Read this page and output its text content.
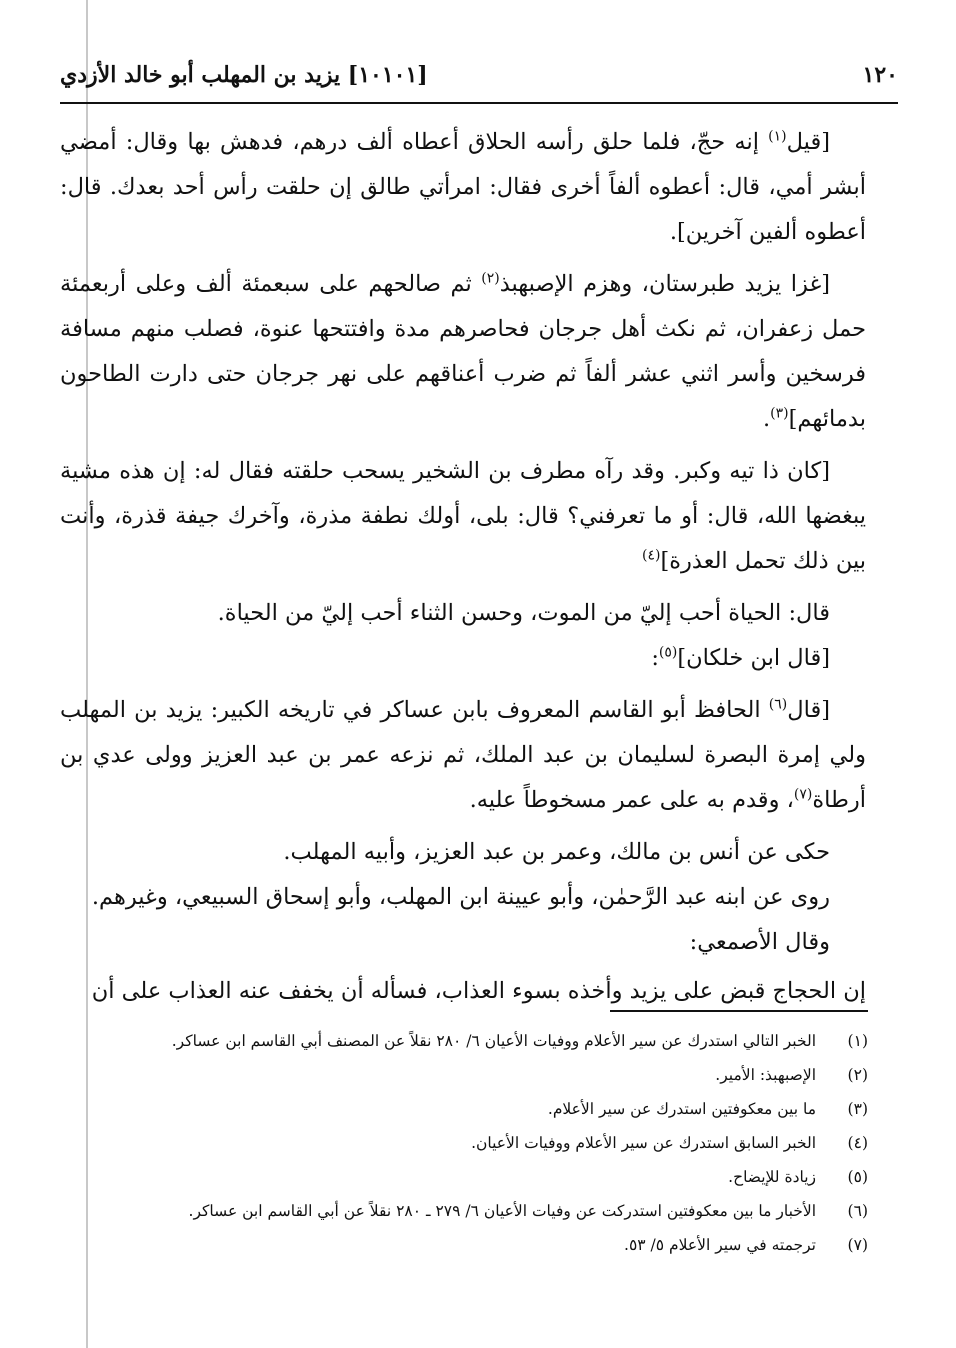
١٢٠
[١٠١٠١] يزيد بن المهلب أبو خالد الأزدي

[قيل$^{(١)}$ إنه حجّ، فلما حلق رأسه الحلاق أعطاه ألف درهم، فدهش بها وقال: أمضي أبشر أمي، قال: أعطوه ألفاً أخرى فقال: امرأتي طالق إن حلقت رأس أحد بعدك. قال: أعطوه ألفين آخرين].

[غزا يزيد طبرستان، وهزم الإصبهبذ$^{(٢)}$ ثم صالحهم على سبعمئة ألف وعلى أربعمئة حمل زعفران، ثم نكث أهل جرجان فحاصرهم مدة وافتتحها عنوة، فصلب منهم مسافة فرسخين وأسر اثني عشر ألفاً ثم ضرب أعناقهم على نهر جرجان حتى دارت الطاحون بدمائهم]$^{(٣)}$.

[كان ذا تيه وكبر. وقد رآه مطرف بن الشخير يسحب حلقته فقال له: إن هذه مشية يبغضها الله، قال: أو ما تعرفني؟ قال: بلى، أولك نطفة مذرة، وآخرك جيفة قذرة، وأنت بين ذلك تحمل العذرة]$^{(٤)}$

قال: الحياة أحب إليّ من الموت، وحسن الثناء أحب إليّ من الحياة.

[قال ابن خلكان]$^{(٥)}$:

[قال$^{(٦)}$ الحافظ أبو القاسم المعروف بابن عساكر في تاريخه الكبير: يزيد بن المهلب ولي إمرة البصرة لسليمان بن عبد الملك، ثم نزعه عمر بن عبد العزيز وولى عدي بن أرطاة$^{(٧)}$، وقدم به على عمر مسخوطاً عليه.

حكى عن أنس بن مالك، وعمر بن عبد العزيز، وأبيه المهلب.

روى عن ابنه عبد الرَّحمٰن، وأبو عيينة ابن المهلب، وأبو إسحاق السبيعي، وغيرهم.

وقال الأصمعي:

إن الحجاج قبض على يزيد وأخذه بسوء العذاب، فسأله أن يخفف عنه العذاب على أن

(١)
الخبر التالي استدرك عن سير الأعلام ووفيات الأعيان ٦/ ٢٨٠ نقلاً عن المصنف أبي القاسم ابن عساكر.
(٢)
الإصبهبذ: الأمير.
(٣)
ما بين معكوفتين استدرك عن سير الأعلام.
(٤)
الخبر السابق استدرك عن سير الأعلام ووفيات الأعيان.
(٥)
زيادة للإيضاح.
(٦)
الأخبار ما بين معكوفتين استدركت عن وفيات الأعيان ٦/ ٢٧٩ ـ ٢٨٠ نقلاً عن أبي القاسم ابن عساكر.
(٧)
ترجمته في سير الأعلام ٥/ ٥٣.
